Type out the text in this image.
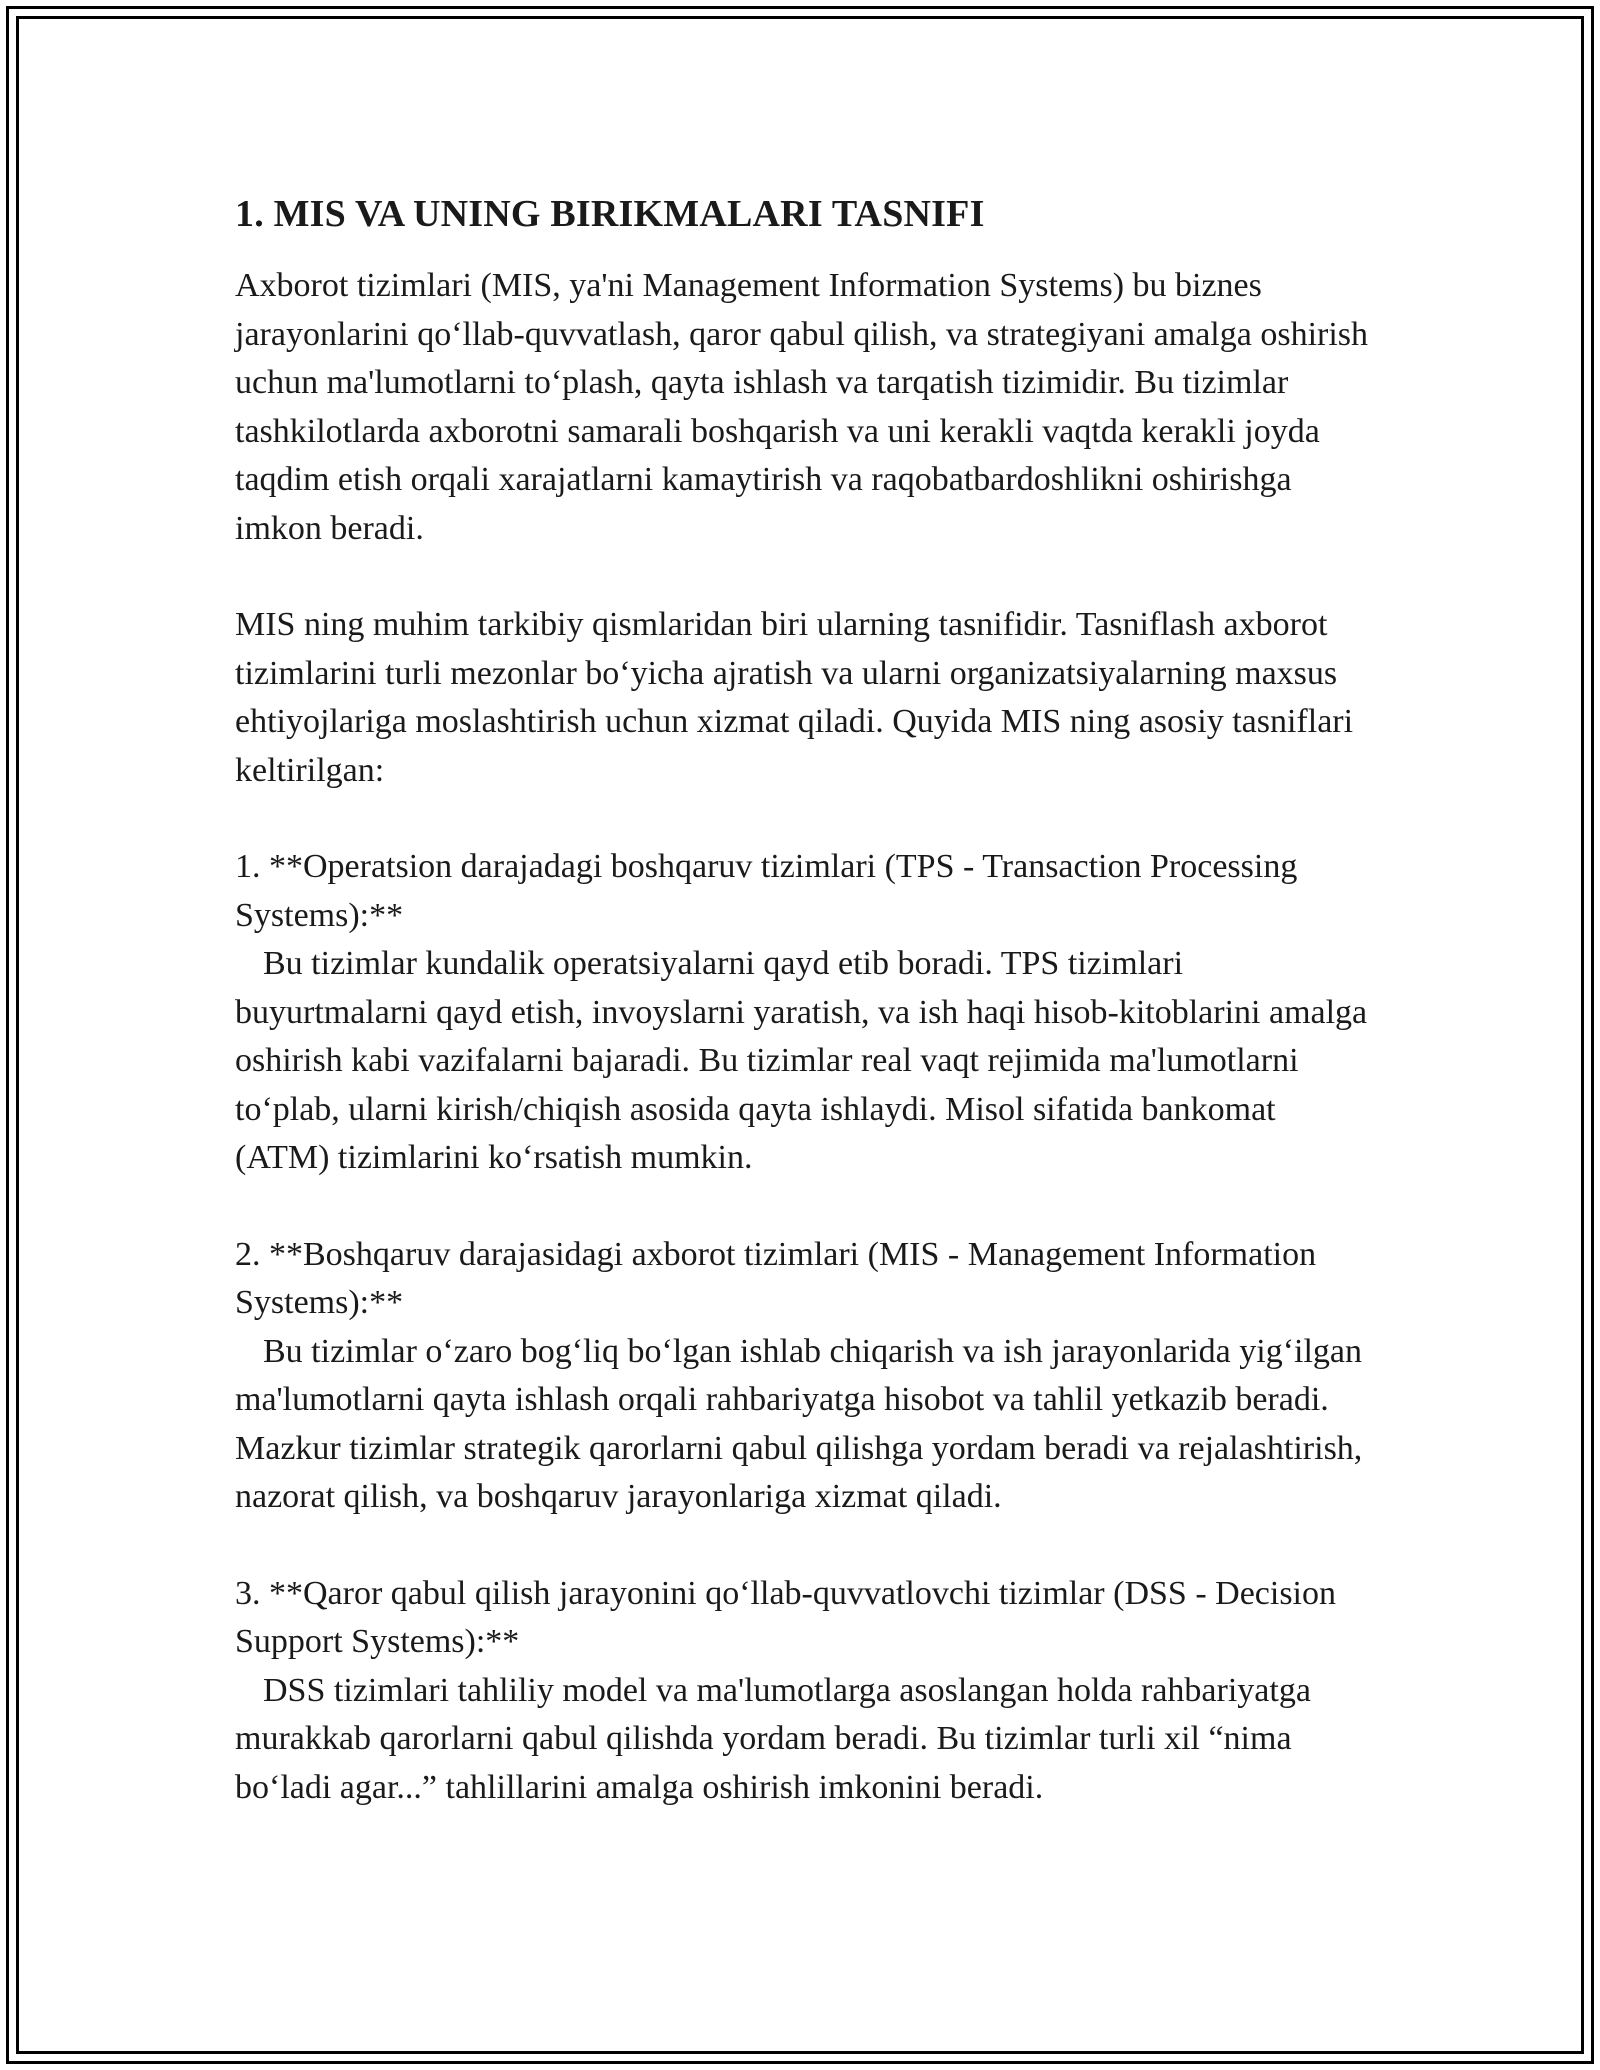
1. MIS VA UNING BIRIKMALARI TASNIFI

Axborot tizimlari (MIS, ya'ni Management Information Systems) bu biznes jarayonlarini qo‘llab-quvvatlash, qaror qabul qilish, va strategiyani amalga oshirish uchun ma'lumotlarni to‘plash, qayta ishlash va tarqatish tizimidir. Bu tizimlar tashkilotlarda axborotni samarali boshqarish va uni kerakli vaqtda kerakli joyda taqdim etish orqali xarajatlarni kamaytirish va raqobatbardoshlikni oshirishga imkon beradi.

MIS ning muhim tarkibiy qismlaridan biri ularning tasnifidir. Tasniflash axborot tizimlarini turli mezonlar bo‘yicha ajratish va ularni organizatsiyalarning maxsus ehtiyojlariga moslashtirish uchun xizmat qiladi. Quyida MIS ning asosiy tasniflari keltirilgan:

1. **Operatsion darajadagi boshqaruv tizimlari (TPS - Transaction Processing Systems):**
Bu tizimlar kundalik operatsiyalarni qayd etib boradi. TPS tizimlari buyurtmalarni qayd etish, invoyslarni yaratish, va ish haqi hisob-kitoblarini amalga oshirish kabi vazifalarni bajaradi. Bu tizimlar real vaqt rejimida ma'lumotlarni to‘plab, ularni kirish/chiqish asosida qayta ishlaydi. Misol sifatida bankomat (ATM) tizimlarini ko‘rsatish mumkin.

2. **Boshqaruv darajasidagi axborot tizimlari (MIS - Management Information Systems):**
Bu tizimlar o‘zaro bog‘liq bo‘lgan ishlab chiqarish va ish jarayonlarida yig‘ilgan ma'lumotlarni qayta ishlash orqali rahbariyatga hisobot va tahlil yetkazib beradi. Mazkur tizimlar strategik qarorlarni qabul qilishga yordam beradi va rejalashtirish, nazorat qilish, va boshqaruv jarayonlariga xizmat qiladi.

3. **Qaror qabul qilish jarayonini qo‘llab-quvvatlovchi tizimlar (DSS - Decision Support Systems):**
DSS tizimlari tahliliy model va ma'lumotlarga asoslangan holda rahbariyatga murakkab qarorlarni qabul qilishda yordam beradi. Bu tizimlar turli xil “nima bo‘ladi agar...” tahlillarini amalga oshirish imkonini beradi.
